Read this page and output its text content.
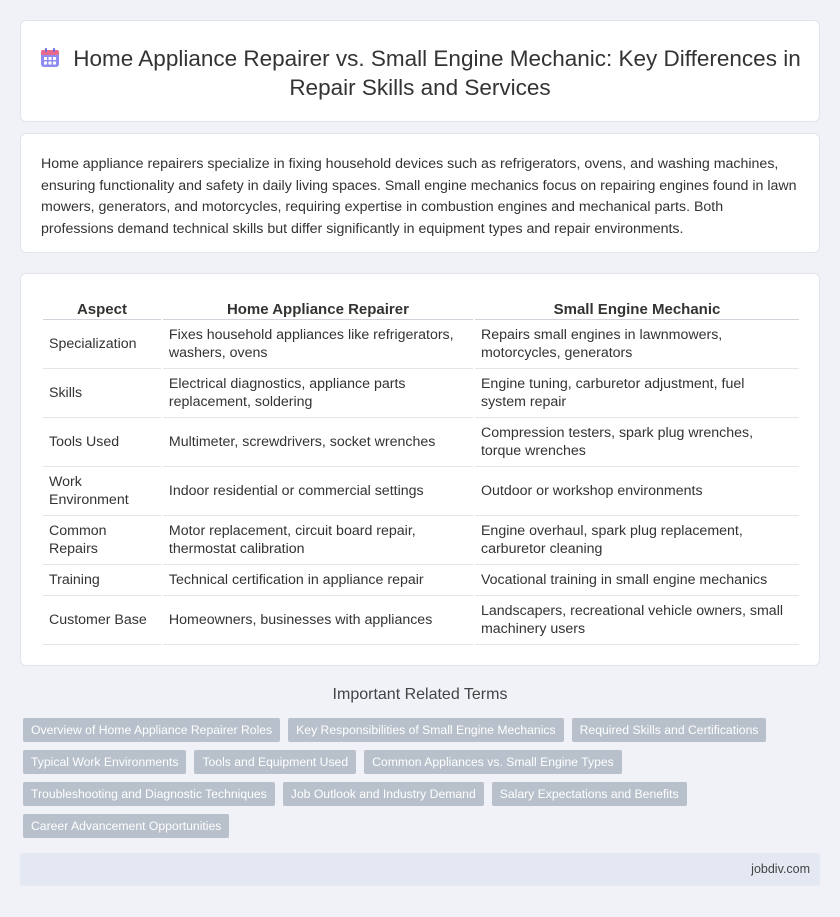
Home Appliance Repairer vs. Small Engine Mechanic: Key Differences in Repair Skills and Services

Home appliance repairers specialize in fixing household devices such as refrigerators, ovens, and washing machines, ensuring functionality and safety in daily living spaces. Small engine mechanics focus on repairing engines found in lawn mowers, generators, and motorcycles, requiring expertise in combustion engines and mechanical parts. Both professions demand technical skills but differ significantly in equipment types and repair environments.

Aspect	Home Appliance Repairer	Small Engine Mechanic
Specialization	Fixes household appliances like refrigerators, washers, ovens	Repairs small engines in lawnmowers, motorcycles, generators
Skills	Electrical diagnostics, appliance parts replacement, soldering	Engine tuning, carburetor adjustment, fuel system repair
Tools Used	Multimeter, screwdrivers, socket wrenches	Compression testers, spark plug wrenches, torque wrenches
Work Environment	Indoor residential or commercial settings	Outdoor or workshop environments
Common Repairs	Motor replacement, circuit board repair, thermostat calibration	Engine overhaul, spark plug replacement, carburetor cleaning
Training	Technical certification in appliance repair	Vocational training in small engine mechanics
Customer Base	Homeowners, businesses with appliances	Landscapers, recreational vehicle owners, small machinery users
Important Related Terms
Overview of Home Appliance Repairer Roles	Key Responsibilities of Small Engine Mechanics	Required Skills and Certifications
Typical Work Environments	Tools and Equipment Used	Common Appliances vs. Small Engine Types
Troubleshooting and Diagnostic Techniques	Job Outlook and Industry Demand	Salary Expectations and Benefits
Career Advancement Opportunities
jobdiv.com
